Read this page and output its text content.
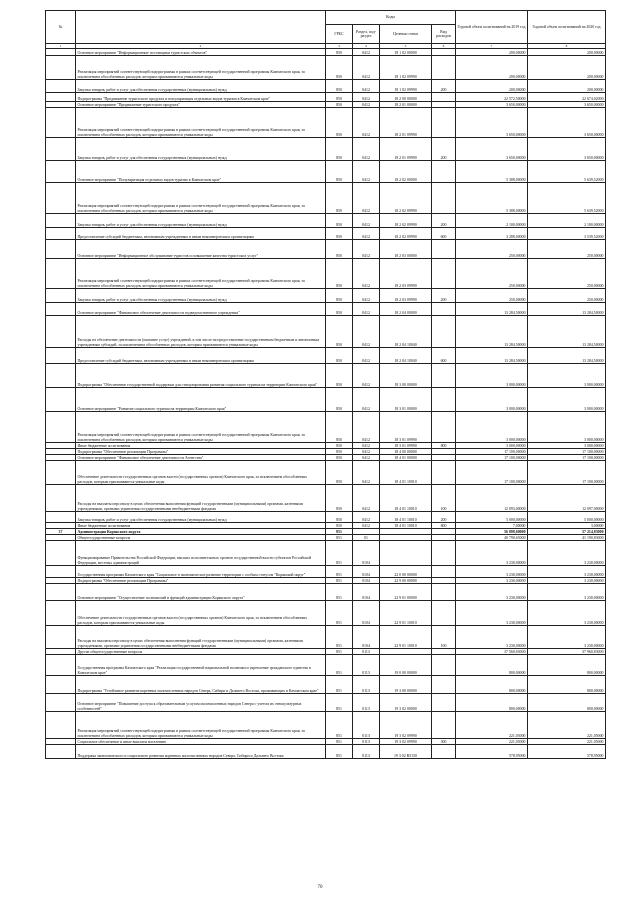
№		Коды				Годовой объем ассигнований на 2019 год	Годовой объем ассигнований на 2020 год
		ГРБС	Раздел, под-раздел	Целевая статья	Вид расходов		
1	2	3	4	5	6	7	8
	Основное мероприятие "Информационные поставщики туристских объектов"	850	0412	18 1 02 00000		200,00000	200,00000
	Реализация мероприятий соответствующей подпрограммы в рамках соответствующей государственной программы Камчатского края, за исключением обособленных расходов, которым присваиваются уникальные коды	850	0412	18 1 02 09990		200,00000	200,00000
	Закупка товаров, работ и услуг для обеспечения государственных (муниципальных) нужд	850	0412	18 1 02 09990	200	200,00000	200,00000
	Подпрограмма "Продвижение туристского продукта и популяризация отдельных видов туризма в Камчатском крае"	850	0412	18 2 00 00000		22 572,50000	22 674,02000
	Основное мероприятие "Продвижение туристского продукта"	850	0412	18 2 01 00000		3 650,00000	3 650,00000
	Реализация мероприятий соответствующей подпрограммы в рамках соответствующей государственной программы Камчатского края, за исключением обособленных расходов, которым присваиваются уникальные коды	850	0412	18 2 01 09990		3 650,00000	3 650,00000
	Закупка товаров, работ и услуг для обеспечения государственных (муниципальных) нужд	850	0412	18 2 01 09990	200	3 650,00000	3 650,00000
	Основное мероприятие "Популяризация отдельных видов туризма в Камчатском крае"	850	0412	18 2 02 00000		5 388,00000	5 639,52000
	Реализация мероприятий соответствующей подпрограммы в рамках соответствующей государственной программы Камчатского края, за исключением обособленных расходов, которым присваиваются уникальные коды	850	0412	18 2 02 09990		5 388,00000	5 639,52000
	Закупка товаров, работ и услуг для обеспечения государственных (муниципальных) нужд	850	0412	18 2 02 09990	200	2 100,00000	2 100,00000
	Предоставление субсидий бюджетным, автономным учреждениям и иным некоммерческим организациям	850	0412	18 2 02 09990	600	3 288,00000	3 539,52000
	Основное мероприятие "Информационное обслуживание туристов и повышение качества туристских услуг"	850	0412	18 2 03 00000		250,00000	250,00000
	Реализация мероприятий соответствующей подпрограммы в рамках соответствующей государственной программы Камчатского края, за исключением обособленных расходов, которым присваиваются уникальные коды	850	0412	18 2 03 09990		250,00000	250,00000
	Закупка товаров, работ и услуг для обеспечения государственных (муниципальных) нужд	850	0412	18 2 03 09990	200	250,00000	250,00000
	Основное мероприятие "Финансовое обеспечение деятельности подведомственного учреждения"	850	0412	18 2 04 00000		13 284,50000	13 284,50000
	Расходы на обеспечение деятельности (оказание услуг) учреждений, в том числе на предоставление государственным бюджетным и автономным учреждениям субсидий, за исключением обособленных расходов, которым присваиваются уникальные коды	850	0412	18 2 04 10040		13 284,50000	13 284,50000
	Предоставление субсидий бюджетным, автономным учреждениям и иным некоммерческим организациям	850	0412	18 2 04 10040	600	13 284,50000	13 284,50000
	Подпрограмма "Обеспечение государственной поддержки для стимулирования развития социального туризма на территории Камчатского края"	850	0412	18 3 00 00000		3 000,00000	3 000,00000
	Основное мероприятие "Развитие социального туризма на территории Камчатского края"	850	0412	18 3 01 00000		3 000,00000	3 000,00000
	Реализация мероприятий соответствующей подпрограммы в рамках соответствующей государственной программы Камчатского края, за исключением обособленных расходов, которым присваиваются уникальные коды	850	0412	18 3 01 09990		3 000,00000	3 000,00000
	Иные бюджетные ассигнования	850	0412	18 3 01 09990	800	3 000,00000	3 000,00000
	Подпрограмма "Обеспечение реализации Программы"	850	0412	18 4 00 00000		17 100,00000	17 100,00000
	Основное мероприятие "Финансовое обеспечение деятельности Агентства"	850	0412	18 4 01 00000		17 100,00000	17 100,00000
	Обеспечение деятельности государственных органов власти (государственных органов) Камчатского края, за исключением обособленных расходов, которым присваиваются уникальные коды	850	0412	18 4 01 10010		17 100,00000	17 100,00000
	Расходы на выплаты персоналу в целях обеспечения выполнения функций государственными (муниципальными) органами, казенными учреждениями, органами управления государственными внебюджетными фондами	850	0412	18 4 01 10010	100	12 093,00000	12 097,00000
	Закупка товаров, работ и услуг для обеспечения государственных (муниципальных) нужд	850	0412	18 4 01 10010	200	5 000,00000	5 000,00000
	Иные бюджетные ассигнования	850	0412	18 4 01 10010	800	7,00000	3,00000
37	Администрация Корякского округа	851				56 808,60000	57 214,83000
	Общегосударственные вопросы	851	01			40 790,65000	41 190,83000
	Функционирование Правительства Российской Федерации, высших исполнительных органов государственной власти субъектов Российской Федерации, местных администраций	851	0104			3 230,00000	3 230,00000
	Государственная программа Камчатского края "Социальное и экономическое развитие территории с особым статусом "Корякский округ"	851	0104	22 0 00 00000		3 230,00000	3 230,00000
	Подпрограмма "Обеспечение реализации Программы"	851	0104	22 9 00 00000		3 230,00000	3 230,00000
	Основное мероприятие "Осуществление полномочий и функций администрации Корякского округа"	851	0104	22 9 01 00000		3 230,00000	3 230,00000
	Обеспечение деятельности государственных органов власти (государственных органов) Камчатского края, за исключением обособленных расходов, которым присваиваются уникальные коды	851	0104	22 9 01 10010		3 230,00000	3 230,00000
	Расходы на выплаты персоналу в целях обеспечения выполнения функций государственными (муниципальными) органами, казенными учреждениями, органами управления государственными внебюджетными фондами	851	0104	22 9 01 10010	100	3 230,00000	3 230,00000
	Другие общегосударственные вопросы	851	0113			37 560,65000	37 960,83000
	Государственная программа Камчатского края "Реализация государственной национальной политики и укрепление гражданского единства в Камчатском крае"	851	0113	19 0 00 00000		800,00000	800,00000
	Подпрограмма "Устойчивое развитие коренных малочисленных народов Севера, Сибири и Дальнего Востока, проживающих в Камчатском крае"	851	0113	19 3 00 00000		800,00000	800,00000
	Основное мероприятие "Повышение доступа к образовательным услугам малочисленных народов Севера с учетом их этнокультурных особенностей"	851	0113	19 3 02 00000		800,00000	800,00000
	Реализация мероприятий соответствующей подпрограммы в рамках соответствующей государственной программы Камчатского края, за исключением обособленных расходов, которым присваиваются уникальные коды	851	0113	19 3 02 09990		221,05000	221,05000
	Социальное обеспечение и иные выплаты населению	851	0113	19 3 02 09990	300	221,05000	221,05000
	Поддержка экономического и социального развития коренных малочисленных народов Севера, Сибири и Дальнего Востока	851	0113	19 3 02 R5150		578,95000	578,95000
70
